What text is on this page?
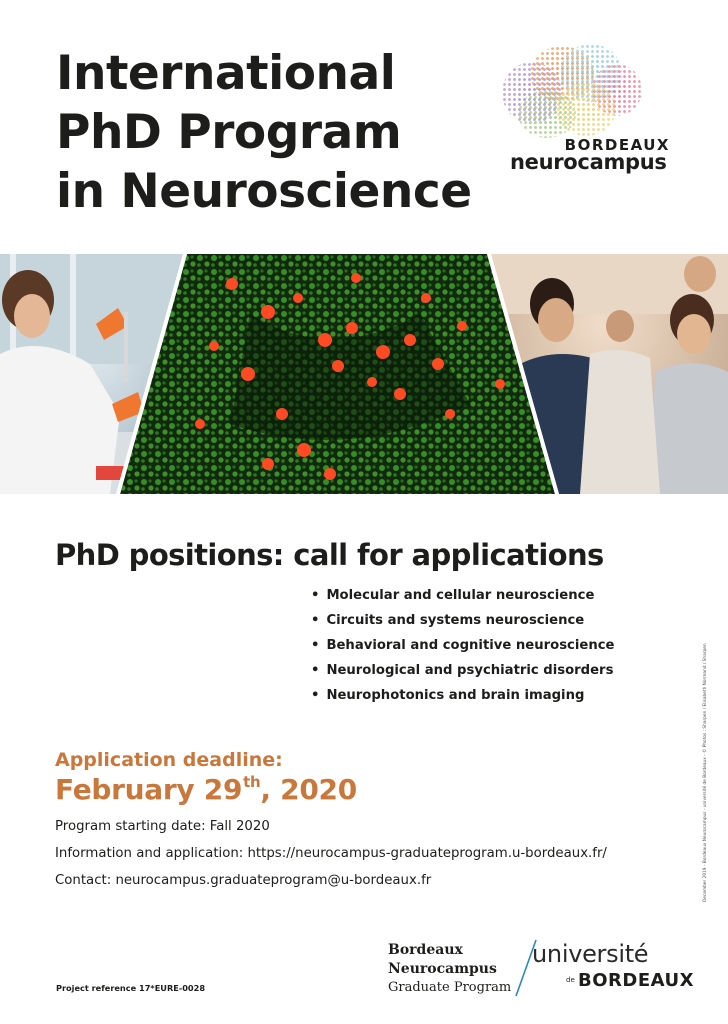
International
PhD Program
in Neuroscience
BORDEAUX
neurocampus
PhD positions: call for applications
• Molecular and cellular neuroscience
• Circuits and systems neuroscience
• Behavioral and cognitive neuroscience
• Neurological and psychiatric disorders
• Neurophotonics and brain imaging
Application deadline:
February 29th, 2020
Program starting date: Fall 2020
Information and application: https://neurocampus-graduateprogram.u-bordeaux.fr/
Contact: neurocampus.graduateprogram@u-bordeaux.fr	December 2019 - Bordeaux Neurocampus - université de Bordeaux - © Photos : Sharpen / Elisabeth Normand / Sharpen
Project reference 17*EURE-0028
Bordeaux
Neurocampus
Graduate Program
université
de BORDEAUX
